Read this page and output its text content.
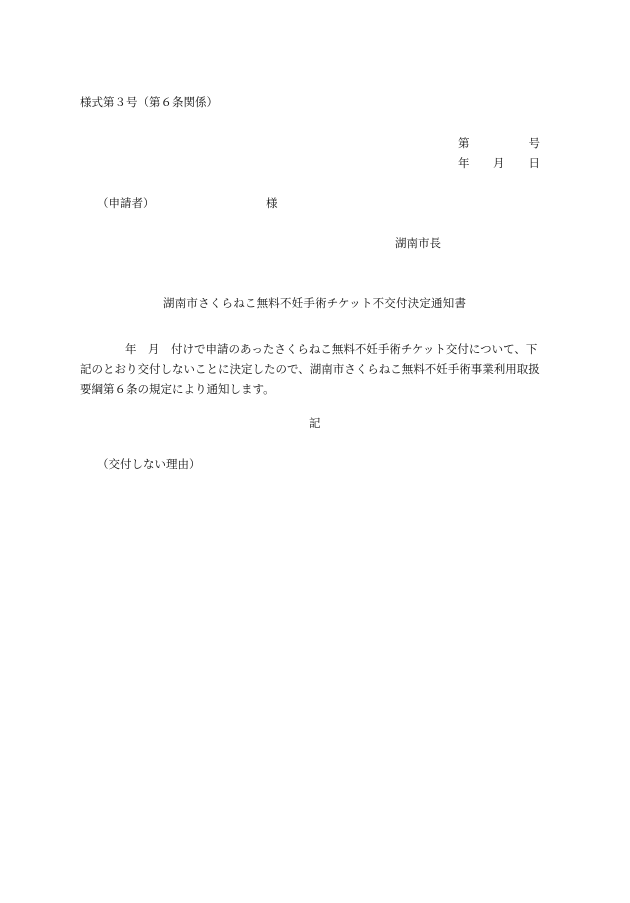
様式第３号（第６条関係）
第	号
年 月 日
（申請者）	様
湖南市長
湖南市さくらねこ無料不妊手術チケット不交付決定通知書
年　月　付けで申請のあったさくらねこ無料不妊手術チケット交付について、下
記のとおり交付しないことに決定したので、湖南市さくらねこ無料不妊手術事業利用取扱
要綱第６条の規定により通知します。
記
（交付しない理由）
